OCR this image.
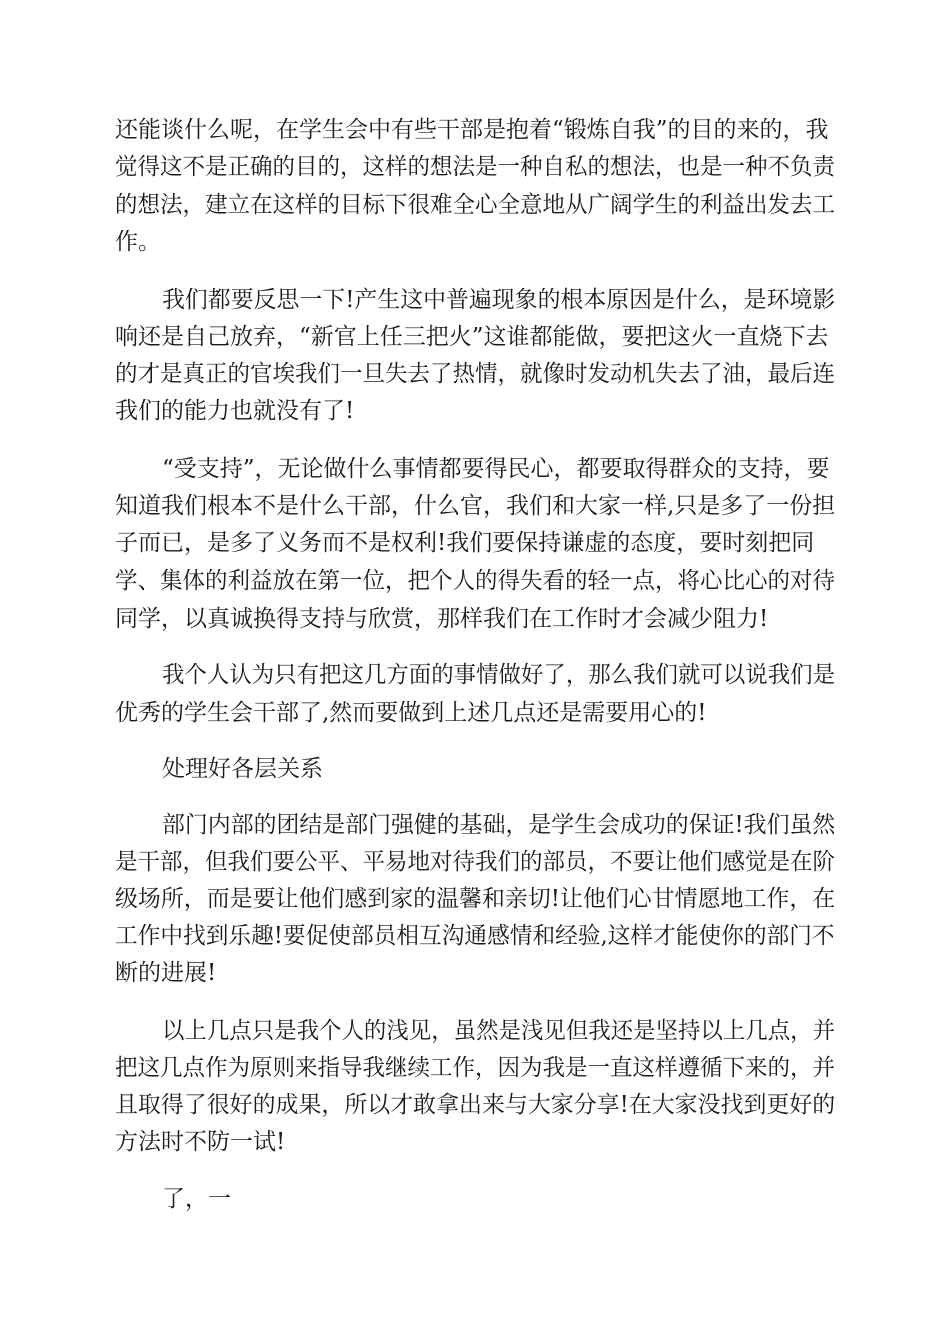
还能谈什么呢，在学生会中有些干部是抱着“锻炼自我”的目的来的，我

觉得这不是正确的目的，这样的想法是一种自私的想法，也是一种不负责

的想法，建立在这样的目标下很难全心全意地从广阔学生的利益出发去工

作。

我们都要反思一下!产生这中普遍现象的根本原因是什么，是环境影

响还是自己放弃，“新官上任三把火”这谁都能做，要把这火一直烧下去

的才是真正的官埃我们一旦失去了热情，就像时发动机失去了油，最后连

我们的能力也就没有了!

“受支持”，无论做什么事情都要得民心，都要取得群众的支持，要

知道我们根本不是什么干部，什么官，我们和大家一样,只是多了一份担

子而已，是多了义务而不是权利!我们要保持谦虚的态度，要时刻把同

学、集体的利益放在第一位，把个人的得失看的轻一点，将心比心的对待

同学，以真诚换得支持与欣赏，那样我们在工作时才会减少阻力!

我个人认为只有把这几方面的事情做好了，那么我们就可以说我们是

优秀的学生会干部了,然而要做到上述几点还是需要用心的!

处理好各层关系

部门内部的团结是部门强健的基础，是学生会成功的保证!我们虽然

是干部，但我们要公平、平易地对待我们的部员，不要让他们感觉是在阶

级场所，而是要让他们感到家的温馨和亲切!让他们心甘情愿地工作，在

工作中找到乐趣!要促使部员相互沟通感情和经验,这样才能使你的部门不

断的进展!

以上几点只是我个人的浅见，虽然是浅见但我还是坚持以上几点，并

把这几点作为原则来指导我继续工作，因为我是一直这样遵循下来的，并

且取得了很好的成果，所以才敢拿出来与大家分享!在大家没找到更好的

方法时不防一试!

了，一
